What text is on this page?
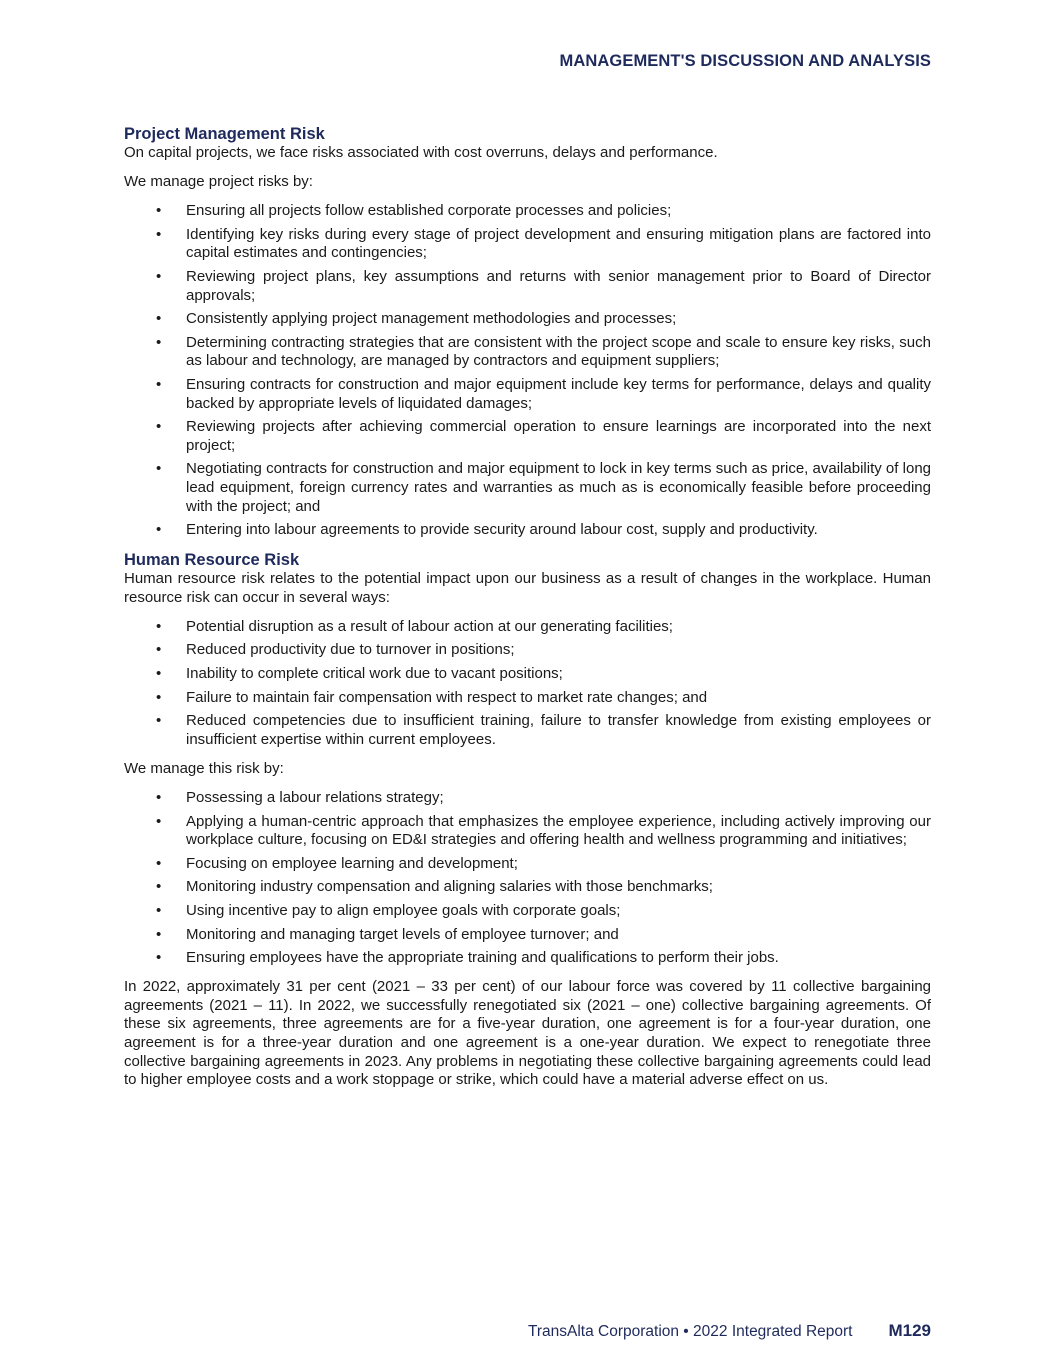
MANAGEMENT'S DISCUSSION AND ANALYSIS
Project Management Risk

On capital projects, we face risks associated with cost overruns, delays and performance.

We manage project risks by:

• Ensuring all projects follow established corporate processes and policies;
• Identifying key risks during every stage of project development and ensuring mitigation plans are factored into capital estimates and contingencies;
• Reviewing project plans, key assumptions and returns with senior management prior to Board of Director approvals;
• Consistently applying project management methodologies and processes;
• Determining contracting strategies that are consistent with the project scope and scale to ensure key risks, such as labour and technology, are managed by contractors and equipment suppliers;
• Ensuring contracts for construction and major equipment include key terms for performance, delays and quality backed by appropriate levels of liquidated damages;
• Reviewing projects after achieving commercial operation to ensure learnings are incorporated into the next project;
• Negotiating contracts for construction and major equipment to lock in key terms such as price, availability of long lead equipment, foreign currency rates and warranties as much as is economically feasible before proceeding with the project; and
• Entering into labour agreements to provide security around labour cost, supply and productivity.
Human Resource Risk

Human resource risk relates to the potential impact upon our business as a result of changes in the workplace. Human resource risk can occur in several ways:

• Potential disruption as a result of labour action at our generating facilities;
• Reduced productivity due to turnover in positions;
• Inability to complete critical work due to vacant positions;
• Failure to maintain fair compensation with respect to market rate changes; and
• Reduced competencies due to insufficient training, failure to transfer knowledge from existing employees or insufficient expertise within current employees.

We manage this risk by:

• Possessing a labour relations strategy;
• Applying a human-centric approach that emphasizes the employee experience, including actively improving our workplace culture, focusing on ED&I strategies and offering health and wellness programming and initiatives;
• Focusing on employee learning and development;
• Monitoring industry compensation and aligning salaries with those benchmarks;
• Using incentive pay to align employee goals with corporate goals;
• Monitoring and managing target levels of employee turnover; and
• Ensuring employees have the appropriate training and qualifications to perform their jobs.

In 2022, approximately 31 per cent (2021 – 33 per cent) of our labour force was covered by 11 collective bargaining agreements (2021 – 11). In 2022, we successfully renegotiated six (2021 – one) collective bargaining agreements. Of these six agreements, three agreements are for a five-year duration, one agreement is for a four-year duration, one agreement is for a three-year duration and one agreement is a one-year duration. We expect to renegotiate three collective bargaining agreements in 2023. Any problems in negotiating these collective bargaining agreements could lead to higher employee costs and a work stoppage or strike, which could have a material adverse effect on us.

TransAlta Corporation • 2022 Integrated Report M129
